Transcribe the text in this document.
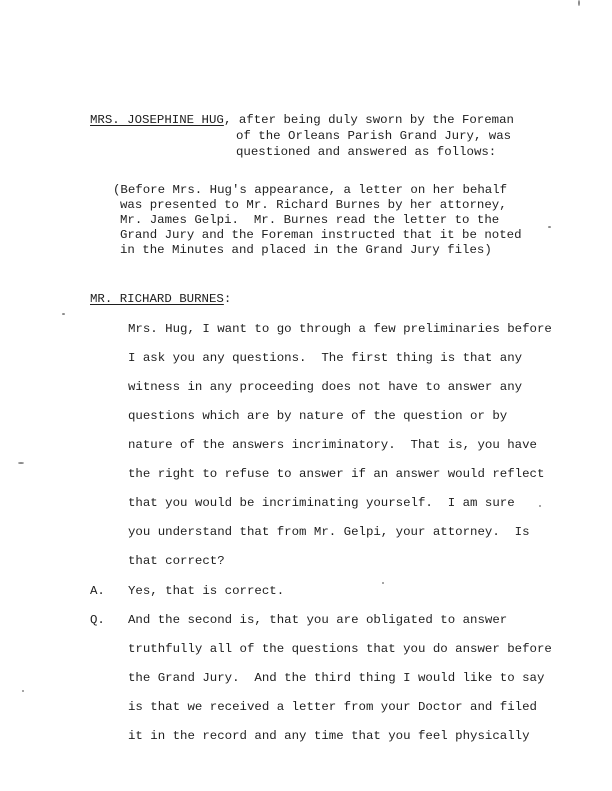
MRS. JOSEPHINE HUG , after being duly sworn by the Foreman
of the Orleans Parish Grand Jury, was
questioned and answered as follows:
(Before Mrs. Hug's appearance, a letter on her behalf
was presented to Mr. Richard Burnes by her attorney,
Mr. James Gelpi.  Mr. Burnes read the letter to the
Grand Jury and the Foreman instructed that it be noted
in the Minutes and placed in the Grand Jury files)
MR. RICHARD BURNES:
Mrs. Hug, I want to go through a few preliminaries before
I ask you any questions.  The first thing is that any
witness in any proceeding does not have to answer any
questions which are by nature of the question or by
nature of the answers incriminatory.  That is, you have
the right to refuse to answer if an answer would reflect
that you would be incriminating yourself.  I am sure
you understand that from Mr. Gelpi, your attorney.  Is
that correct?
A. Yes, that is correct.
Q. And the second is, that you are obligated to answer
truthfully all of the questions that you do answer before
the Grand Jury.  And the third thing I would like to say
is that we received a letter from your Doctor and filed
it in the record and any time that you feel physically
